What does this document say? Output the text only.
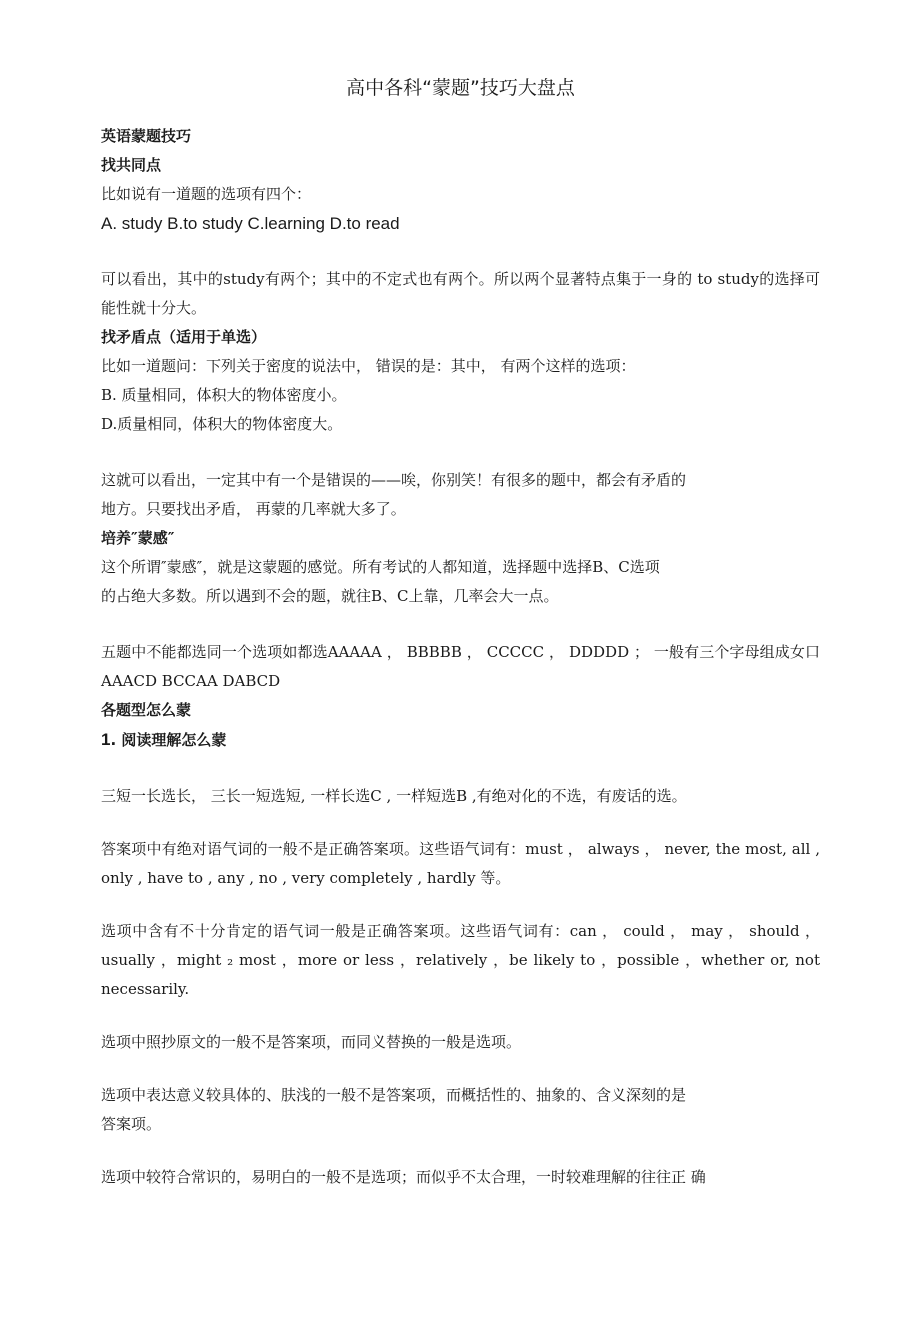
高中各科“蒙题”技巧大盘点

英语蒙题技巧

找共同点

比如说有一道题的选项有四个：

A. study B.to study C.learning D.to read

可以看出，其中的study有两个；其中的不定式也有两个。所以两个显著特点集于一身的 to study的选择可能性就十分大。

找矛盾点（适用于单选）

比如一道题问：下列关于密度的说法中， 错误的是：其中， 有两个这样的选项：

B. 质量相同，体积大的物体密度小。

D.质量相同，体积大的物体密度大。

这就可以看出，一定其中有一个是错误的——唉，你别笑！有很多的题中，都会有矛盾的

地方。只要找出矛盾， 再蒙的几率就大多了。

培养″蒙感″

这个所谓″蒙感″，就是这蒙题的感觉。所有考试的人都知道，选择题中选择B、C选项

的占绝大多数。所以遇到不会的题，就往B、C上靠，几率会大一点。

五题中不能都选同一个选项如都选AAAAA ， BBBBB ， CCCCC ， DDDDD ； 一般有三个字母组成女口 AAACD BCCAA DABCD

各题型怎么蒙

1. 阅读理解怎么蒙

三短一长选长， 三长一短选短, 一样长选C , 一样短选B ,有绝对化的不选，有废话的选。

答案项中有绝对语气词的一般不是正确答案项。这些语气词有：must ， always ， never, the most, all , only , have to , any , no , very completely , hardly 等。

选项中含有不十分肯定的语气词一般是正确答案项。这些语气词有：can ， could ， may ， should ，usually ，might ₂ most ，more or less ，relatively ，be likely to ，possible ，whether or, not necessarily.

选项中照抄原文的一般不是答案项，而同义替换的一般是选项。

选项中表达意义较具体的、肤浅的一般不是答案项，而概括性的、抽象的、含义深刻的是

答案项。

选项中较符合常识的，易明白的一般不是选项；而似乎不太合理，一时较难理解的往往正 确
